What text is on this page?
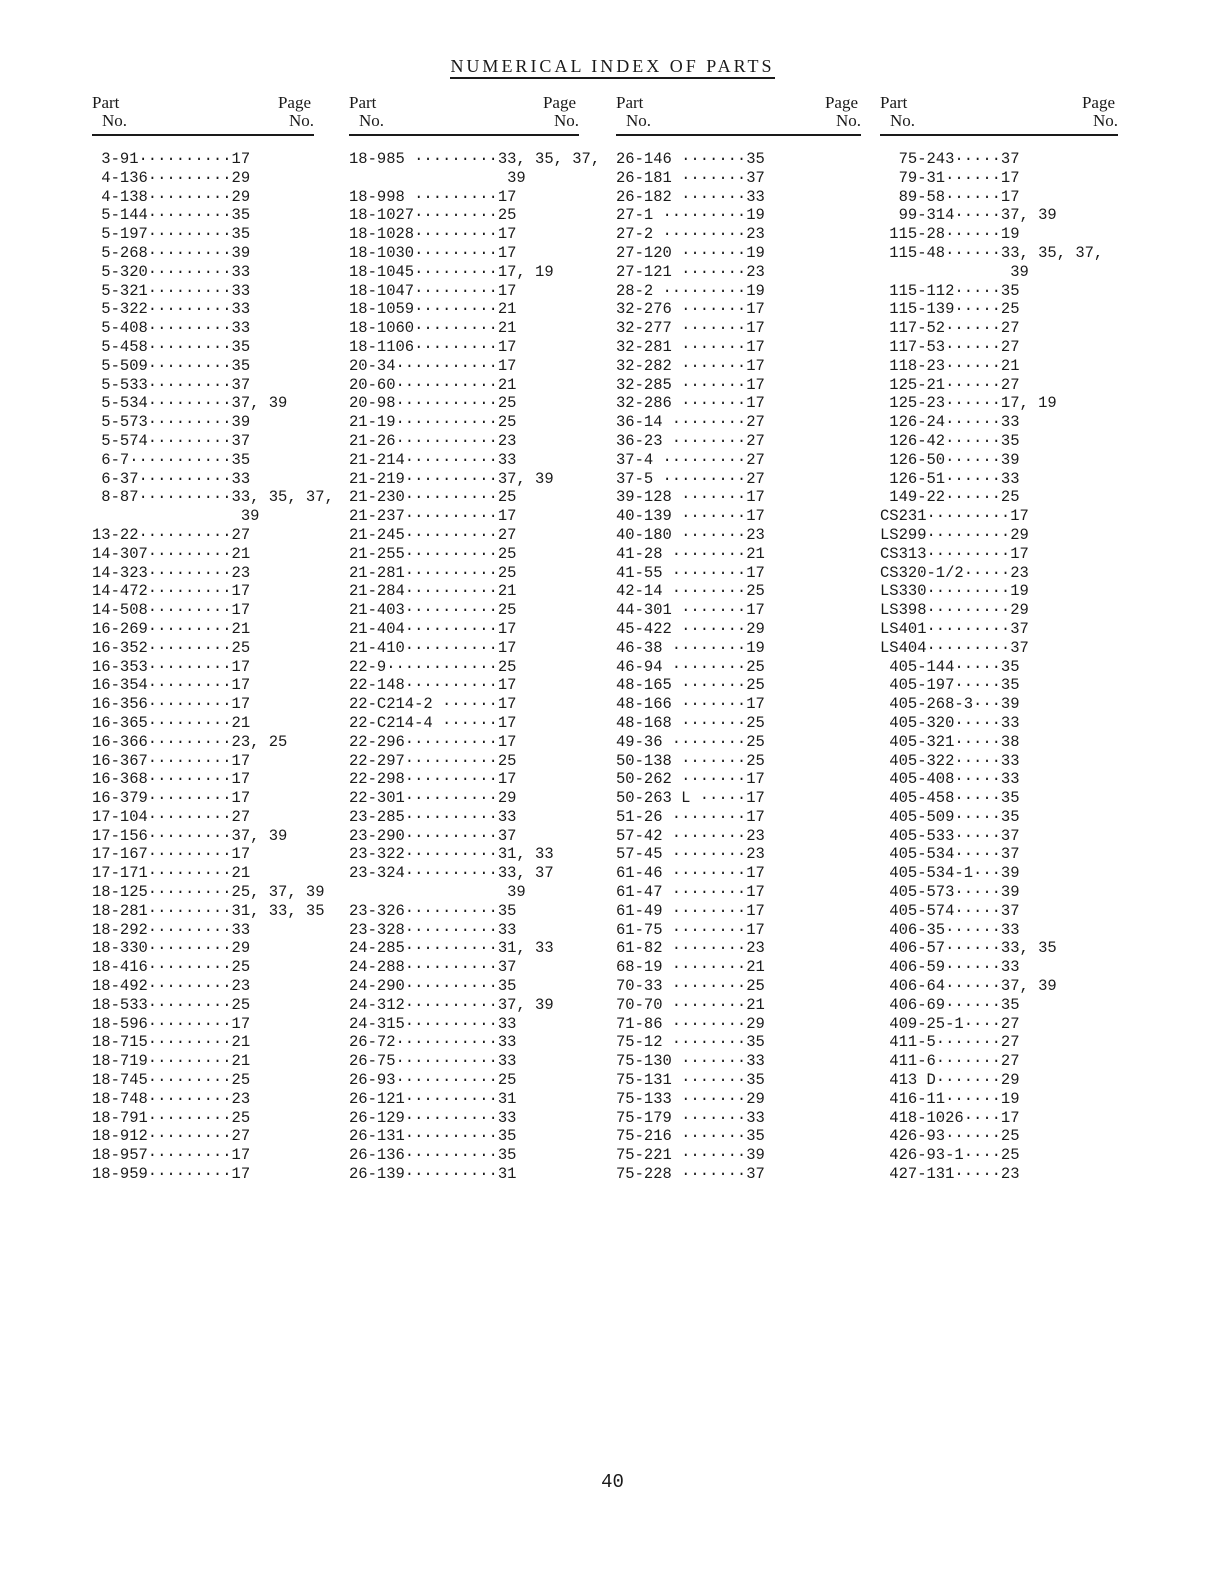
NUMERICAL INDEX OF PARTS
Part
No.
Page
No.
3-91··········17
4-136·········29
4-138·········29
5-144·········35
5-197·········35
5-268·········39
5-320·········33
5-321·········33
5-322·········33
5-408·········33
5-458·········35
5-509·········35
5-533·········37
5-534·········37, 39
5-573·········39
5-574·········37
6-7···········35
6-37··········33
8-87··········33, 35, 37,
39
13-22··········27
14-307·········21
14-323·········23
14-472·········17
14-508·········17
16-269·········21
16-352·········25
16-353·········17
16-354·········17
16-356·········17
16-365·········21
16-366·········23, 25
16-367·········17
16-368·········17
16-379·········17
17-104·········27
17-156·········37, 39
17-167·········17
17-171·········21
18-125·········25, 37, 39
18-281·········31, 33, 35
18-292·········33
18-330·········29
18-416·········25
18-492·········23
18-533·········25
18-596·········17
18-715·········21
18-719·········21
18-745·········25
18-748·········23
18-791·········25
18-912·········27
18-957·········17
18-959·········17
Part
No.
Page
No.
18-985 ·········33, 35, 37,
39
18-998 ·········17
18-1027·········25
18-1028·········17
18-1030·········17
18-1045·········17, 19
18-1047·········17
18-1059·········21
18-1060·········21
18-1106·········17
20-34···········17
20-60···········21
20-98···········25
21-19···········25
21-26···········23
21-214··········33
21-219··········37, 39
21-230··········25
21-237··········17
21-245··········27
21-255··········25
21-281··········25
21-284··········21
21-403··········25
21-404··········17
21-410··········17
22-9············25
22-148··········17
22-C214-2 ······17
22-C214-4 ······17
22-296··········17
22-297··········25
22-298··········17
22-301··········29
23-285··········33
23-290··········37
23-322··········31, 33
23-324··········33, 37
39
23-326··········35
23-328··········33
24-285··········31, 33
24-288··········37
24-290··········35
24-312··········37, 39
24-315··········33
26-72···········33
26-75···········33
26-93···········25
26-121··········31
26-129··········33
26-131··········35
26-136··········35
26-139··········31
Part
No.
Page
No.
26-146 ·······35
26-181 ·······37
26-182 ·······33
27-1 ·········19
27-2 ·········23
27-120 ·······19
27-121 ·······23
28-2 ·········19
32-276 ·······17
32-277 ·······17
32-281 ·······17
32-282 ·······17
32-285 ·······17
32-286 ·······17
36-14 ········27
36-23 ········27
37-4 ·········27
37-5 ·········27
39-128 ·······17
40-139 ·······17
40-180 ·······23
41-28 ········21
41-55 ········17
42-14 ········25
44-301 ·······17
45-422 ·······29
46-38 ········19
46-94 ········25
48-165 ·······25
48-166 ·······17
48-168 ·······25
49-36 ········25
50-138 ·······25
50-262 ·······17
50-263 L ·····17
51-26 ········17
57-42 ········23
57-45 ········23
61-46 ········17
61-47 ········17
61-49 ········17
61-75 ········17
61-82 ········23
68-19 ········21
70-33 ········25
70-70 ········21
71-86 ········29
75-12 ········35
75-130 ·······33
75-131 ·······35
75-133 ·······29
75-179 ·······33
75-216 ·······35
75-221 ·······39
75-228 ·······37
Part
No.
Page
No.
75-243·····37
79-31······17
89-58······17
99-314·····37, 39
115-28······19
115-48······33, 35, 37,
39
115-112·····35
115-139·····25
117-52······27
117-53······27
118-23······21
125-21······27
125-23······17, 19
126-24······33
126-42······35
126-50······39
126-51······33
149-22······25
CS231·········17
LS299·········29
CS313·········17
CS320-1/2·····23
LS330·········19
LS398·········29
LS401·········37
LS404·········37
405-144·····35
405-197·····35
405-268-3···39
405-320·····33
405-321·····38
405-322·····33
405-408·····33
405-458·····35
405-509·····35
405-533·····37
405-534·····37
405-534-1···39
405-573·····39
405-574·····37
406-35······33
406-57······33, 35
406-59······33
406-64······37, 39
406-69······35
409-25-1····27
411-5·······27
411-6·······27
413 D·······29
416-11······19
418-1026····17
426-93······25
426-93-1····25
427-131·····23
40
